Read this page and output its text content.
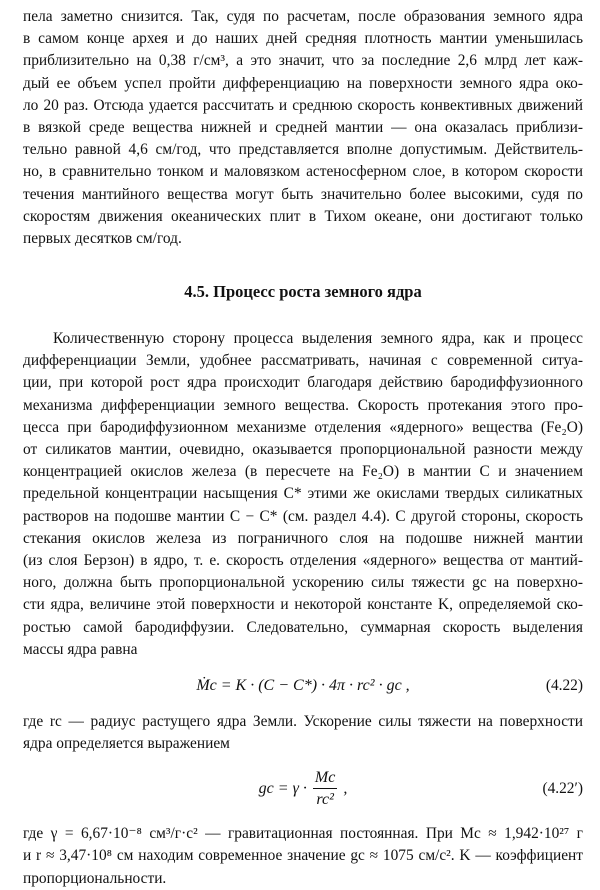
пела заметно снизится. Так, судя по расчетам, после образования земного ядра
в самом конце архея и до наших дней средняя плотность мантии уменьшилась
приблизительно на 0,38 г/см³, а это значит, что за последние 2,6 млрд лет каж-
дый ее объем успел пройти дифференциацию на поверхности земного ядра око-
ло 20 раз. Отсюда удается рассчитать и среднюю скорость конвективных движений
в вязкой среде вещества нижней и средней мантии — она оказалась приблизи-
тельно равной 4,6 см/год, что представляется вполне допустимым. Действитель-
но, в сравнительно тонком и маловязком астеносферном слое, в котором скорости
течения мантийного вещества могут быть значительно более высокими, судя по
скоростям движения океанических плит в Тихом океане, они достигают только
первых десятков см/год.
4.5. Процесс роста земного ядра
Количественную сторону процесса выделения земного ядра, как и процесс
дифференциации Земли, удобнее рассматривать, начиная с современной ситуа-
ции, при которой рост ядра происходит благодаря действию бародиффузионного
механизма дифференциации земного вещества. Скорость протекания этого про-
цесса при бародиффузионном механизме отделения «ядерного» вещества (Fe₂O)
от силикатов мантии, очевидно, оказывается пропорциональной разности между
концентрацией окислов железа (в пересчете на Fe₂O) в мантии C и значением
предельной концентрации насыщения C* этими же окислами твердых силикатных
растворов на подошве мантии C − C* (см. раздел 4.4). С другой стороны, скорость
стекания окислов железа из пограничного слоя на подошве нижней мантии
(из слоя Берзон) в ядро, т. е. скорость отделения «ядерного» вещества от мантий-
ного, должна быть пропорциональной ускорению силы тяжести gc на поверхно-
сти ядра, величине этой поверхности и некоторой константе K, определяемой ско-
ростью самой бародиффузии. Следовательно, суммарная скорость выделения
массы ядра равна
Ṁc = K · (C − C*) · 4π · rc² · gc ,	(4.22)
где rc — радиус растущего ядра Земли. Ускорение силы тяжести на поверхности
ядра определяется выражением
gc = $\gamma \cdot \frac{Mc}{\text{rc²}}$ ,	(4.22′)
где γ = 6,67·10⁻⁸ см³/г·с² — гравитационная постоянная. При Mc ≈ 1,942·10²⁷ г
и r ≈ 3,47·10⁸ см находим современное значение gc ≈ 1075 см/с². K — коэффициент
пропорциональности.
